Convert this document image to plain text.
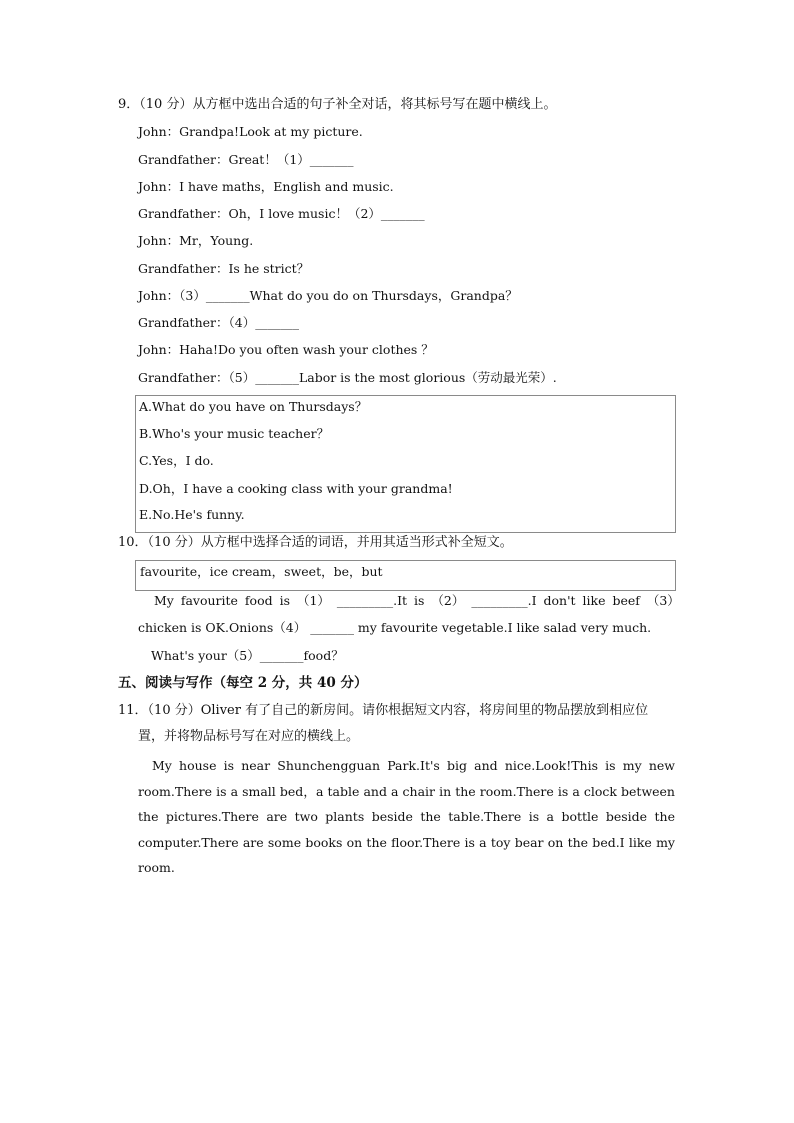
9．（10 分）从方框中选出合适的句子补全对话，将其标号写在题中横线上。
John：Grandpa!Look at my picture.
Grandfather：Great！（1）_______
John：I have maths，English and music.
Grandfather：Oh，I love music！（2）_______
John：Mr，Young.
Grandfather：Is he strict？
John：（3）_______What do you do on Thursdays，Grandpa？
Grandfather：（4）_______
John：Haha!Do you often wash your clothes ？
Grandfather：（5）_______Labor is the most glorious（劳动最光荣）.
A.What do you have on Thursdays？
B.Who's your music teacher？
C.Yes，I do.
D.Oh，I have a cooking class with your grandma!
E.No.He's funny.
10．（10 分）从方框中选择合适的词语，并用其适当形式补全短文。
favourite，ice cream，sweet，be，but
My favourite food is （1） _________.It is （2） _________.I don't like beef （3）
chicken is OK.Onions（4） _______ my favourite vegetable.I like salad very much.
What's your（5）_______food？
五、阅读与写作（每空 2 分，共 40 分）
11．（10 分）Oliver 有了自己的新房间。请你根据短文内容，将房间里的物品摆放到相应位
置，并将物品标号写在对应的横线上。
My house is near Shunchengguan Park.It's big and nice.Look!This is my new room.There is a small bed，a table and a chair in the room.There is a clock between the pictures.There are two plants beside the table.There is a bottle beside the computer.There are some books on the floor.There is a toy bear on the bed.I like my room.
